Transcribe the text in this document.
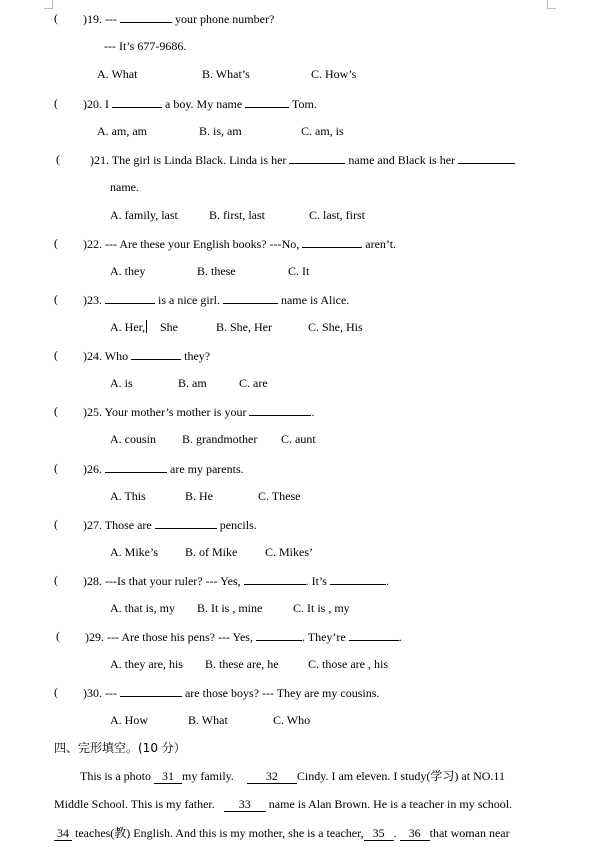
( )19. ---	your phone number?
--- It’s 677-9686.
A. What	B. What’s	C. How’s
( )20. I	a boy. My name	Tom.
A. am, am	B. is, am	C. am, is
(	)21. The girl is Linda Black. Linda is her	name and Black is her
name.
A. family, last	B. first, last	C. last, first
( )22. --- Are these your English books? ---No,	aren’t.
A. they	B. these	C. It
( )23.	is a nice girl.	name is Alice.
A. Her, She	B. She, Her	C. She, His
( )24. Who	they?
A. is	B. am	C. are
( )25. Your mother’s mother is your	.
A. cousin B. grandmother C. aunt
( )26.	are my parents.
A. This	B. He	C. These
( )27. Those are	pencils.
A. Mike’s B. of Mike C. Mikes’
( )28. ---Is that your ruler? --- Yes,	. It’s	.
A. that is, my B. It is , mine	C. It is , my
( )29. --- Are those his pens? --- Yes,	. They’re	.
A. they are, his B. these are, he C. those are , his
( )30. ---	are those boys? --- They are my cousins.
A. How	B. What	C. Who
四、完形填空。(10 分）
This is a photo 31 my family.	32 Cindy. I am eleven. I study(学习) at NO.11
Middle School. This is my father. 33 name is Alan Brown. He is a teacher in my school.
34 teaches(教) English. And this is my mother, she is a teacher, 35 . 36 that woman near
